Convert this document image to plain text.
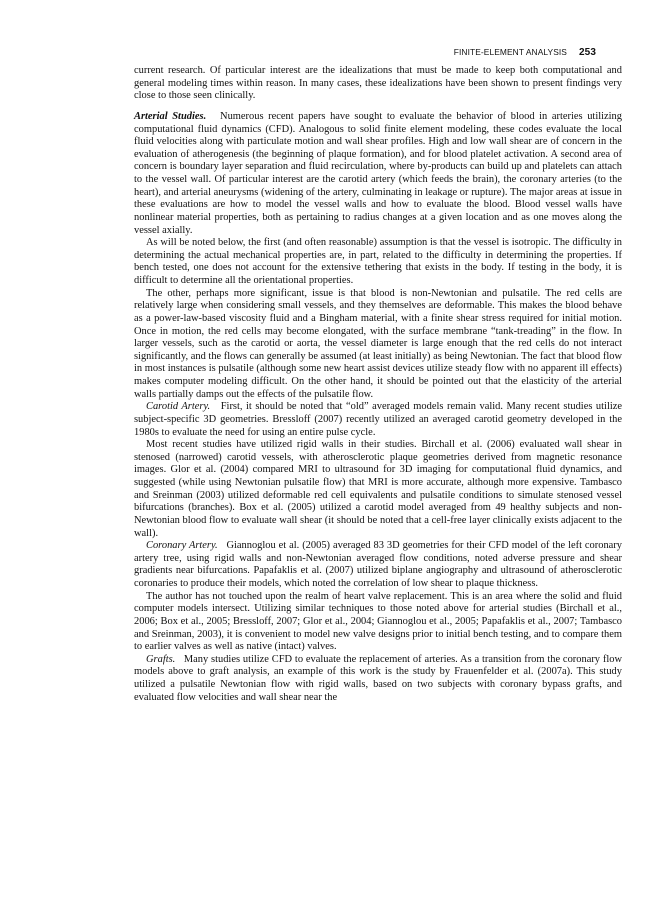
FINITE-ELEMENT ANALYSIS 253

current research. Of particular interest are the idealizations that must be made to keep both computational and general modeling times within reason. In many cases, these idealizations have been shown to present findings very close to those seen clinically.

Arterial Studies. Numerous recent papers have sought to evaluate the behavior of blood in arteries utilizing computational fluid dynamics (CFD). Analogous to solid finite element modeling, these codes evaluate the local fluid velocities along with particulate motion and wall shear profiles. High and low wall shear are of concern in the evaluation of atherogenesis (the beginning of plaque formation), and for blood platelet activation. A second area of concern is boundary layer separation and fluid recirculation, where by-products can build up and platelets can attach to the vessel wall. Of particular interest are the carotid artery (which feeds the brain), the coronary arteries (to the heart), and arterial aneurysms (widening of the artery, culminating in leakage or rupture). The major areas at issue in these evaluations are how to model the vessel walls and how to evaluate the blood. Blood vessel walls have nonlinear material properties, both as pertaining to radius changes at a given location and as one moves along the vessel axially.

As will be noted below, the first (and often reasonable) assumption is that the vessel is isotropic. The difficulty in determining the actual mechanical properties are, in part, related to the difficulty in determining the properties. If bench tested, one does not account for the extensive tethering that exists in the body. If testing in the body, it is difficult to determine all the orientational properties.

The other, perhaps more significant, issue is that blood is non-Newtonian and pulsatile. The red cells are relatively large when considering small vessels, and they themselves are deformable. This makes the blood behave as a power-law-based viscosity fluid and a Bingham material, with a finite shear stress required for initial motion. Once in motion, the red cells may become elongated, with the surface membrane “tank-treading” in the flow. In larger vessels, such as the carotid or aorta, the vessel diameter is large enough that the red cells do not interact significantly, and the flows can generally be assumed (at least initially) as being Newtonian. The fact that blood flow in most instances is pulsatile (although some new heart assist devices utilize steady flow with no apparent ill effects) makes computer modeling difficult. On the other hand, it should be pointed out that the elasticity of the arterial walls partially damps out the effects of the pulsatile flow.

Carotid Artery. First, it should be noted that “old” averaged models remain valid. Many recent studies utilize subject-specific 3D geometries. Bressloff (2007) recently utilized an averaged carotid geometry developed in the 1980s to evaluate the need for using an entire pulse cycle.

Most recent studies have utilized rigid walls in their studies. Birchall et al. (2006) evaluated wall shear in stenosed (narrowed) carotid vessels, with atherosclerotic plaque geometries derived from magnetic resonance images. Glor et al. (2004) compared MRI to ultrasound for 3D imaging for computational fluid dynamics, and suggested (while using Newtonian pulsatile flow) that MRI is more accurate, although more expensive. Tambasco and Sreinman (2003) utilized deformable red cell equivalents and pulsatile conditions to simulate stenosed vessel bifurcations (branches). Box et al. (2005) utilized a carotid model averaged from 49 healthy subjects and non-Newtonian blood flow to evaluate wall shear (it should be noted that a cell-free layer clinically exists adjacent to the wall).

Coronary Artery. Giannoglou et al. (2005) averaged 83 3D geometries for their CFD model of the left coronary artery tree, using rigid walls and non-Newtonian averaged flow conditions, noted adverse pressure and shear gradients near bifurcations. Papafaklis et al. (2007) utilized biplane angiography and ultrasound of atherosclerotic coronaries to produce their models, which noted the correlation of low shear to plaque thickness.

The author has not touched upon the realm of heart valve replacement. This is an area where the solid and fluid computer models intersect. Utilizing similar techniques to those noted above for arterial studies (Birchall et al., 2006; Box et al., 2005; Bressloff, 2007; Glor et al., 2004; Giannoglou et al., 2005; Papafaklis et al., 2007; Tambasco and Sreinman, 2003), it is convenient to model new valve designs prior to initial bench testing, and to compare them to earlier valves as well as native (intact) valves.

Grafts. Many studies utilize CFD to evaluate the replacement of arteries. As a transition from the coronary flow models above to graft analysis, an example of this work is the study by Frauenfelder et al. (2007a). This study utilized a pulsatile Newtonian flow with rigid walls, based on two subjects with coronary bypass grafts, and evaluated flow velocities and wall shear near the
